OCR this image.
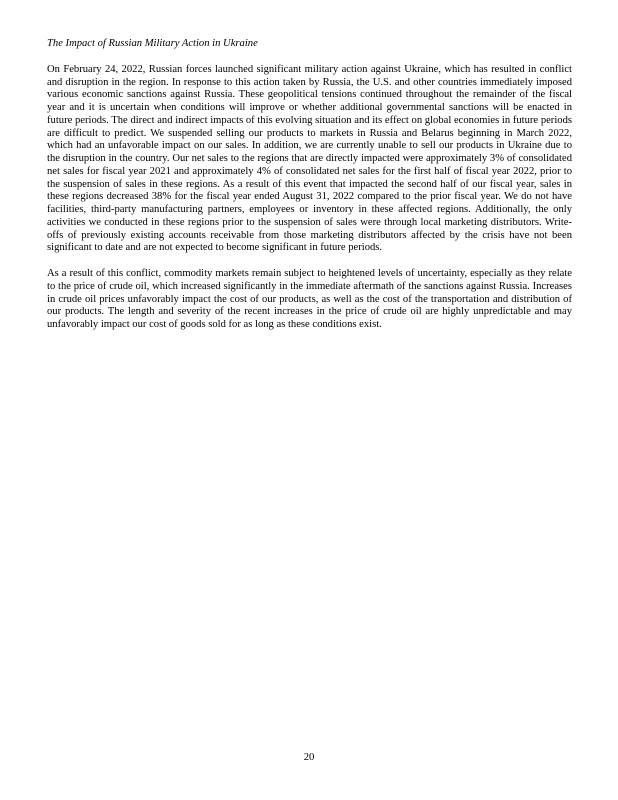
The Impact of Russian Military Action in Ukraine

On February 24, 2022, Russian forces launched significant military action against Ukraine, which has resulted in conflict and disruption in the region. In response to this action taken by Russia, the U.S. and other countries immediately imposed various economic sanctions against Russia. These geopolitical tensions continued throughout the remainder of the fiscal year and it is uncertain when conditions will improve or whether additional governmental sanctions will be enacted in future periods. The direct and indirect impacts of this evolving situation and its effect on global economies in future periods are difficult to predict. We suspended selling our products to markets in Russia and Belarus beginning in March 2022, which had an unfavorable impact on our sales. In addition, we are currently unable to sell our products in Ukraine due to the disruption in the country. Our net sales to the regions that are directly impacted were approximately 3% of consolidated net sales for fiscal year 2021 and approximately 4% of consolidated net sales for the first half of fiscal year 2022, prior to the suspension of sales in these regions. As a result of this event that impacted the second half of our fiscal year, sales in these regions decreased 38% for the fiscal year ended August 31, 2022 compared to the prior fiscal year. We do not have facilities, third-party manufacturing partners, employees or inventory in these affected regions. Additionally, the only activities we conducted in these regions prior to the suspension of sales were through local marketing distributors. Write-offs of previously existing accounts receivable from those marketing distributors affected by the crisis have not been significant to date and are not expected to become significant in future periods.

As a result of this conflict, commodity markets remain subject to heightened levels of uncertainty, especially as they relate to the price of crude oil, which increased significantly in the immediate aftermath of the sanctions against Russia. Increases in crude oil prices unfavorably impact the cost of our products, as well as the cost of the transportation and distribution of our products. The length and severity of the recent increases in the price of crude oil are highly unpredictable and may unfavorably impact our cost of goods sold for as long as these conditions exist.

20
